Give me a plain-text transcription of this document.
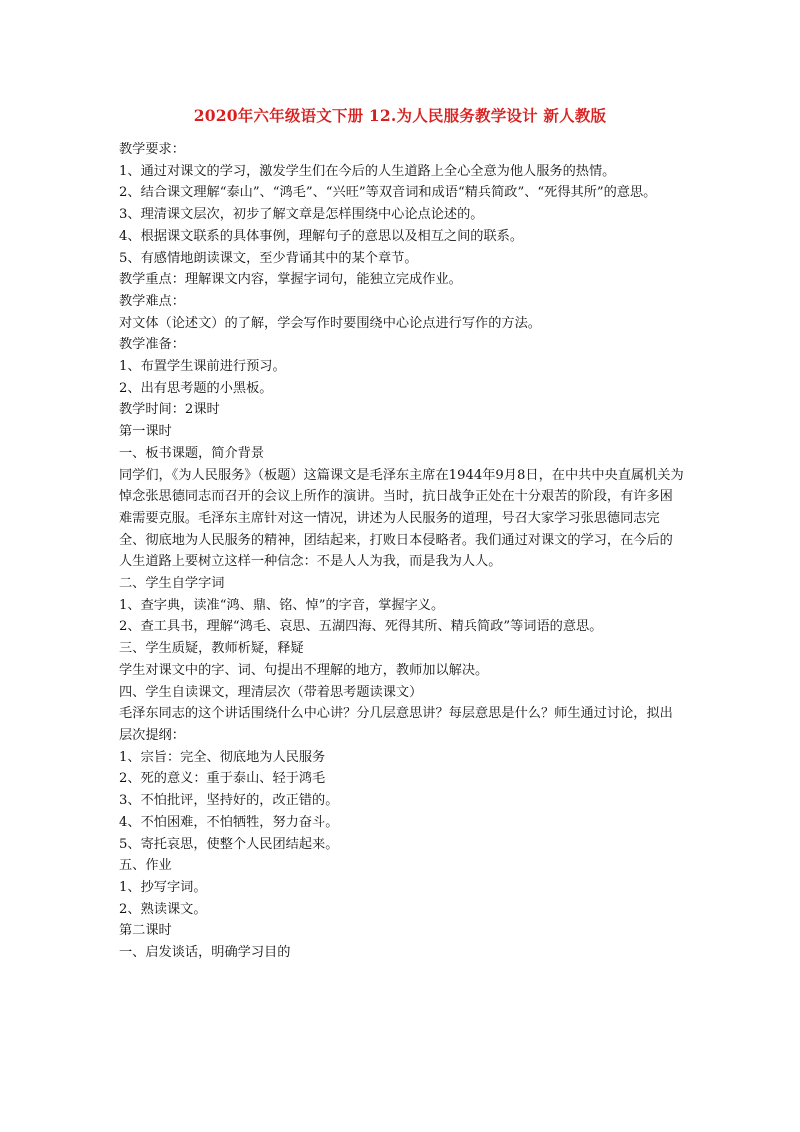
2020年六年级语文下册 12.为人民服务教学设计 新人教版

教学要求：

1、通过对课文的学习，激发学生们在今后的人生道路上全心全意为他人服务的热情。

2、结合课文理解“泰山”、“鸿毛”、“兴旺”等双音词和成语“精兵简政”、“死得其所”的意思。

3、理清课文层次，初步了解文章是怎样围绕中心论点论述的。

4、根据课文联系的具体事例，理解句子的意思以及相互之间的联系。

5、有感情地朗读课文，至少背诵其中的某个章节。

教学重点：理解课文内容，掌握字词句，能独立完成作业。

教学难点：

对文体（论述文）的了解，学会写作时要围绕中心论点进行写作的方法。

教学准备：

1、布置学生课前进行预习。

2、出有思考题的小黑板。

教学时间：2课时

第一课时

一、板书课题，简介背景

同学们，《为人民服务》（板题）这篇课文是毛泽东主席在1944年9月8日，在中共中央直属机关为悼念张思德同志而召开的会议上所作的演讲。当时，抗日战争正处在十分艰苦的阶段，有许多困难需要克服。毛泽东主席针对这一情况，讲述为人民服务的道理，号召大家学习张思德同志完全、彻底地为人民服务的精神，团结起来，打败日本侵略者。我们通过对课文的学习，在今后的人生道路上要树立这样一种信念：不是人人为我，而是我为人人。

二、学生自学字词

1、查字典，读准“鸿、鼎、铭、悼”的字音，掌握字义。

2、查工具书，理解“鸿毛、哀思、五湖四海、死得其所、精兵简政”等词语的意思。

三、学生质疑，教师析疑，释疑

学生对课文中的字、词、句提出不理解的地方，教师加以解决。

四、学生自读课文，理清层次（带着思考题读课文）

毛泽东同志的这个讲话围绕什么中心讲？分几层意思讲？每层意思是什么？师生通过讨论，拟出层次提纲：

1、宗旨：完全、彻底地为人民服务

2、死的意义：重于泰山、轻于鸿毛

3、不怕批评，坚持好的，改正错的。

4、不怕困难，不怕牺牲，努力奋斗。

5、寄托哀思，使整个人民团结起来。

五、作业

1、抄写字词。

2、熟读课文。

第二课时

一、启发谈话，明确学习目的
